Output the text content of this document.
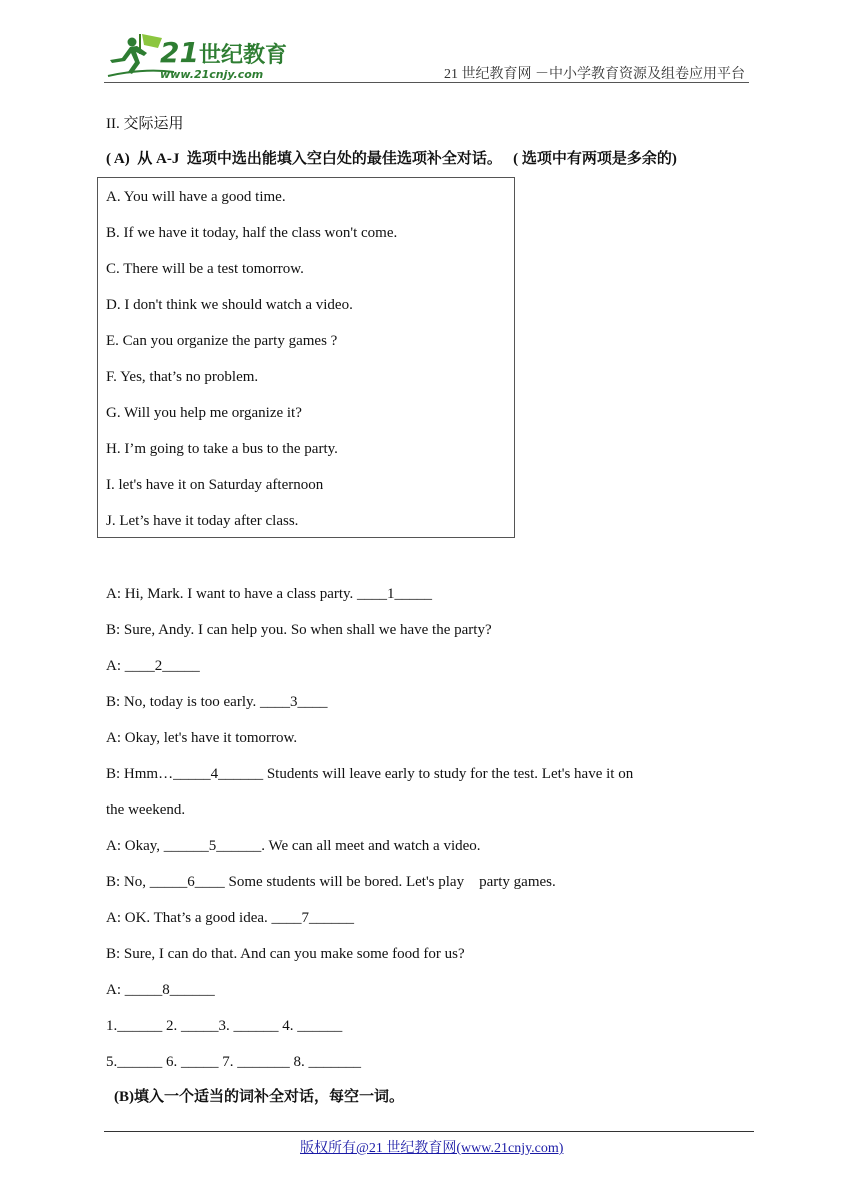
21 世纪教育
www.21cnjy.com	21 世纪教育网 －中小学教育资源及组卷应用平台
II. 交际运用
( A) 从 A-J 选项中选出能填入空白处的最佳选项补全对话。 ( 选项中有两项是多余的)
A. You will have a good time.
B. If we have it today, half the class won't come.
C. There will be a test tomorrow.
D. I don't think we should watch a video.
E. Can you organize the party games ?
F. Yes, that’s no problem.
G. Will you help me organize it?
H. I’m going to take a bus to the party.
I. let's have it on Saturday afternoon
J. Let’s have it today after class.
A: Hi, Mark. I want to have a class party. ____1_____
B: Sure, Andy. I can help you. So when shall we have the party?
A: ____2_____
B: No, today is too early. ____3____
A: Okay, let's have it tomorrow.
B: Hmm…_____4______ Students will leave early to study for the test. Let's have it on
the weekend.
A: Okay, ______5______. We can all meet and watch a video.
B: No, _____6____ Some students will be bored. Let's play    party games.
A: OK. That’s a good idea. ____7______
B: Sure, I can do that. And can you make some food for us?
A: _____8______
1.______ 2. _____3. ______ 4. ______
5.______ 6. _____ 7. _______ 8. _______
(B)填入一个适当的词补全对话，每空一词。
版权所有@21 世纪教育网(www.21cnjy.com)
